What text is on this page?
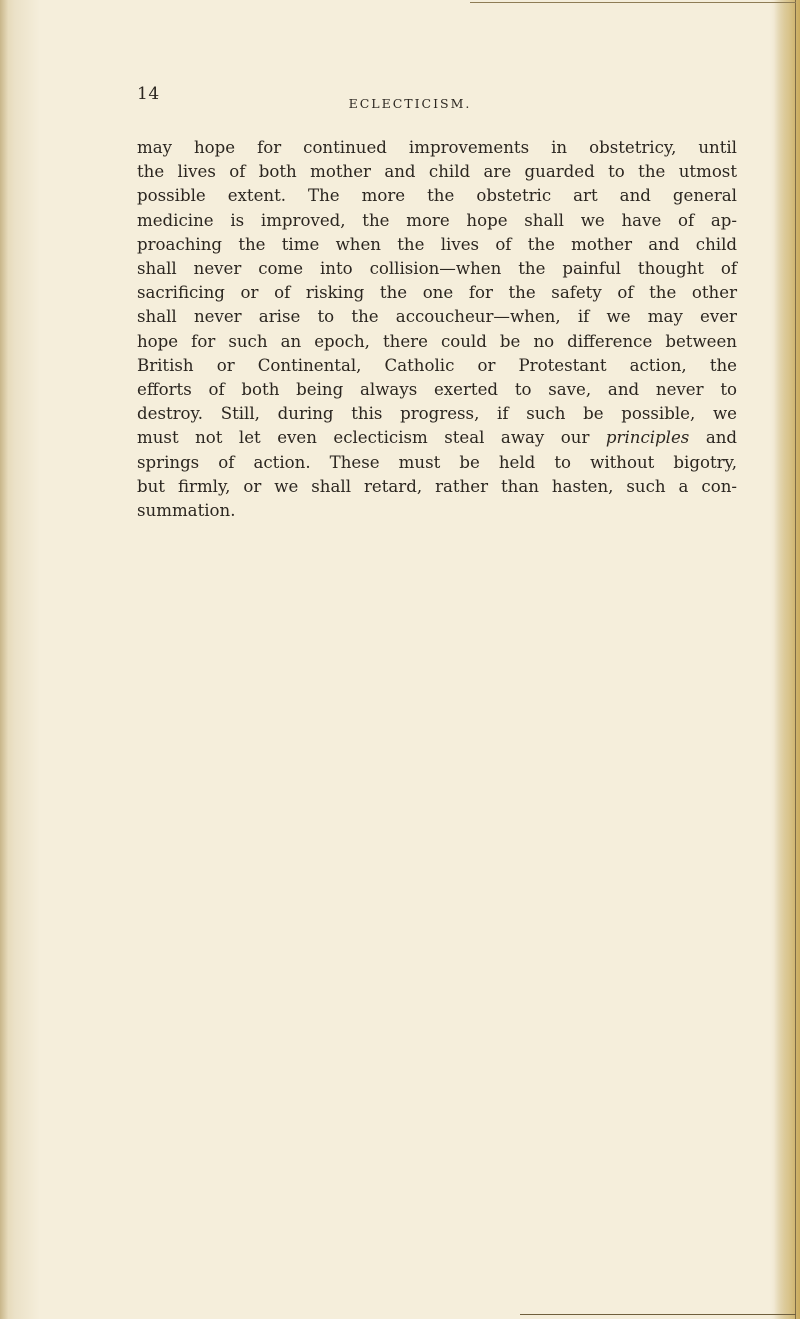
14	ECLECTICISM.
may hope for continued improvements in obstetricy, until
the lives of both mother and child are guarded to the utmost
possible extent. The more the obstetric art and general
medicine is improved, the more hope shall we have of ap-
proaching the time when the lives of the mother and child
shall never come into collision—when the painful thought of
sacrificing or of risking the one for the safety of the other
shall never arise to the accoucheur—when, if we may ever
hope for such an epoch, there could be no difference between
British or Continental, Catholic or Protestant action, the
efforts of both being always exerted to save, and never to
destroy. Still, during this progress, if such be possible, we
must not let even eclecticism steal away our principles and
springs of action. These must be held to without bigotry,
but firmly, or we shall retard, rather than hasten, such a con-
summation.
